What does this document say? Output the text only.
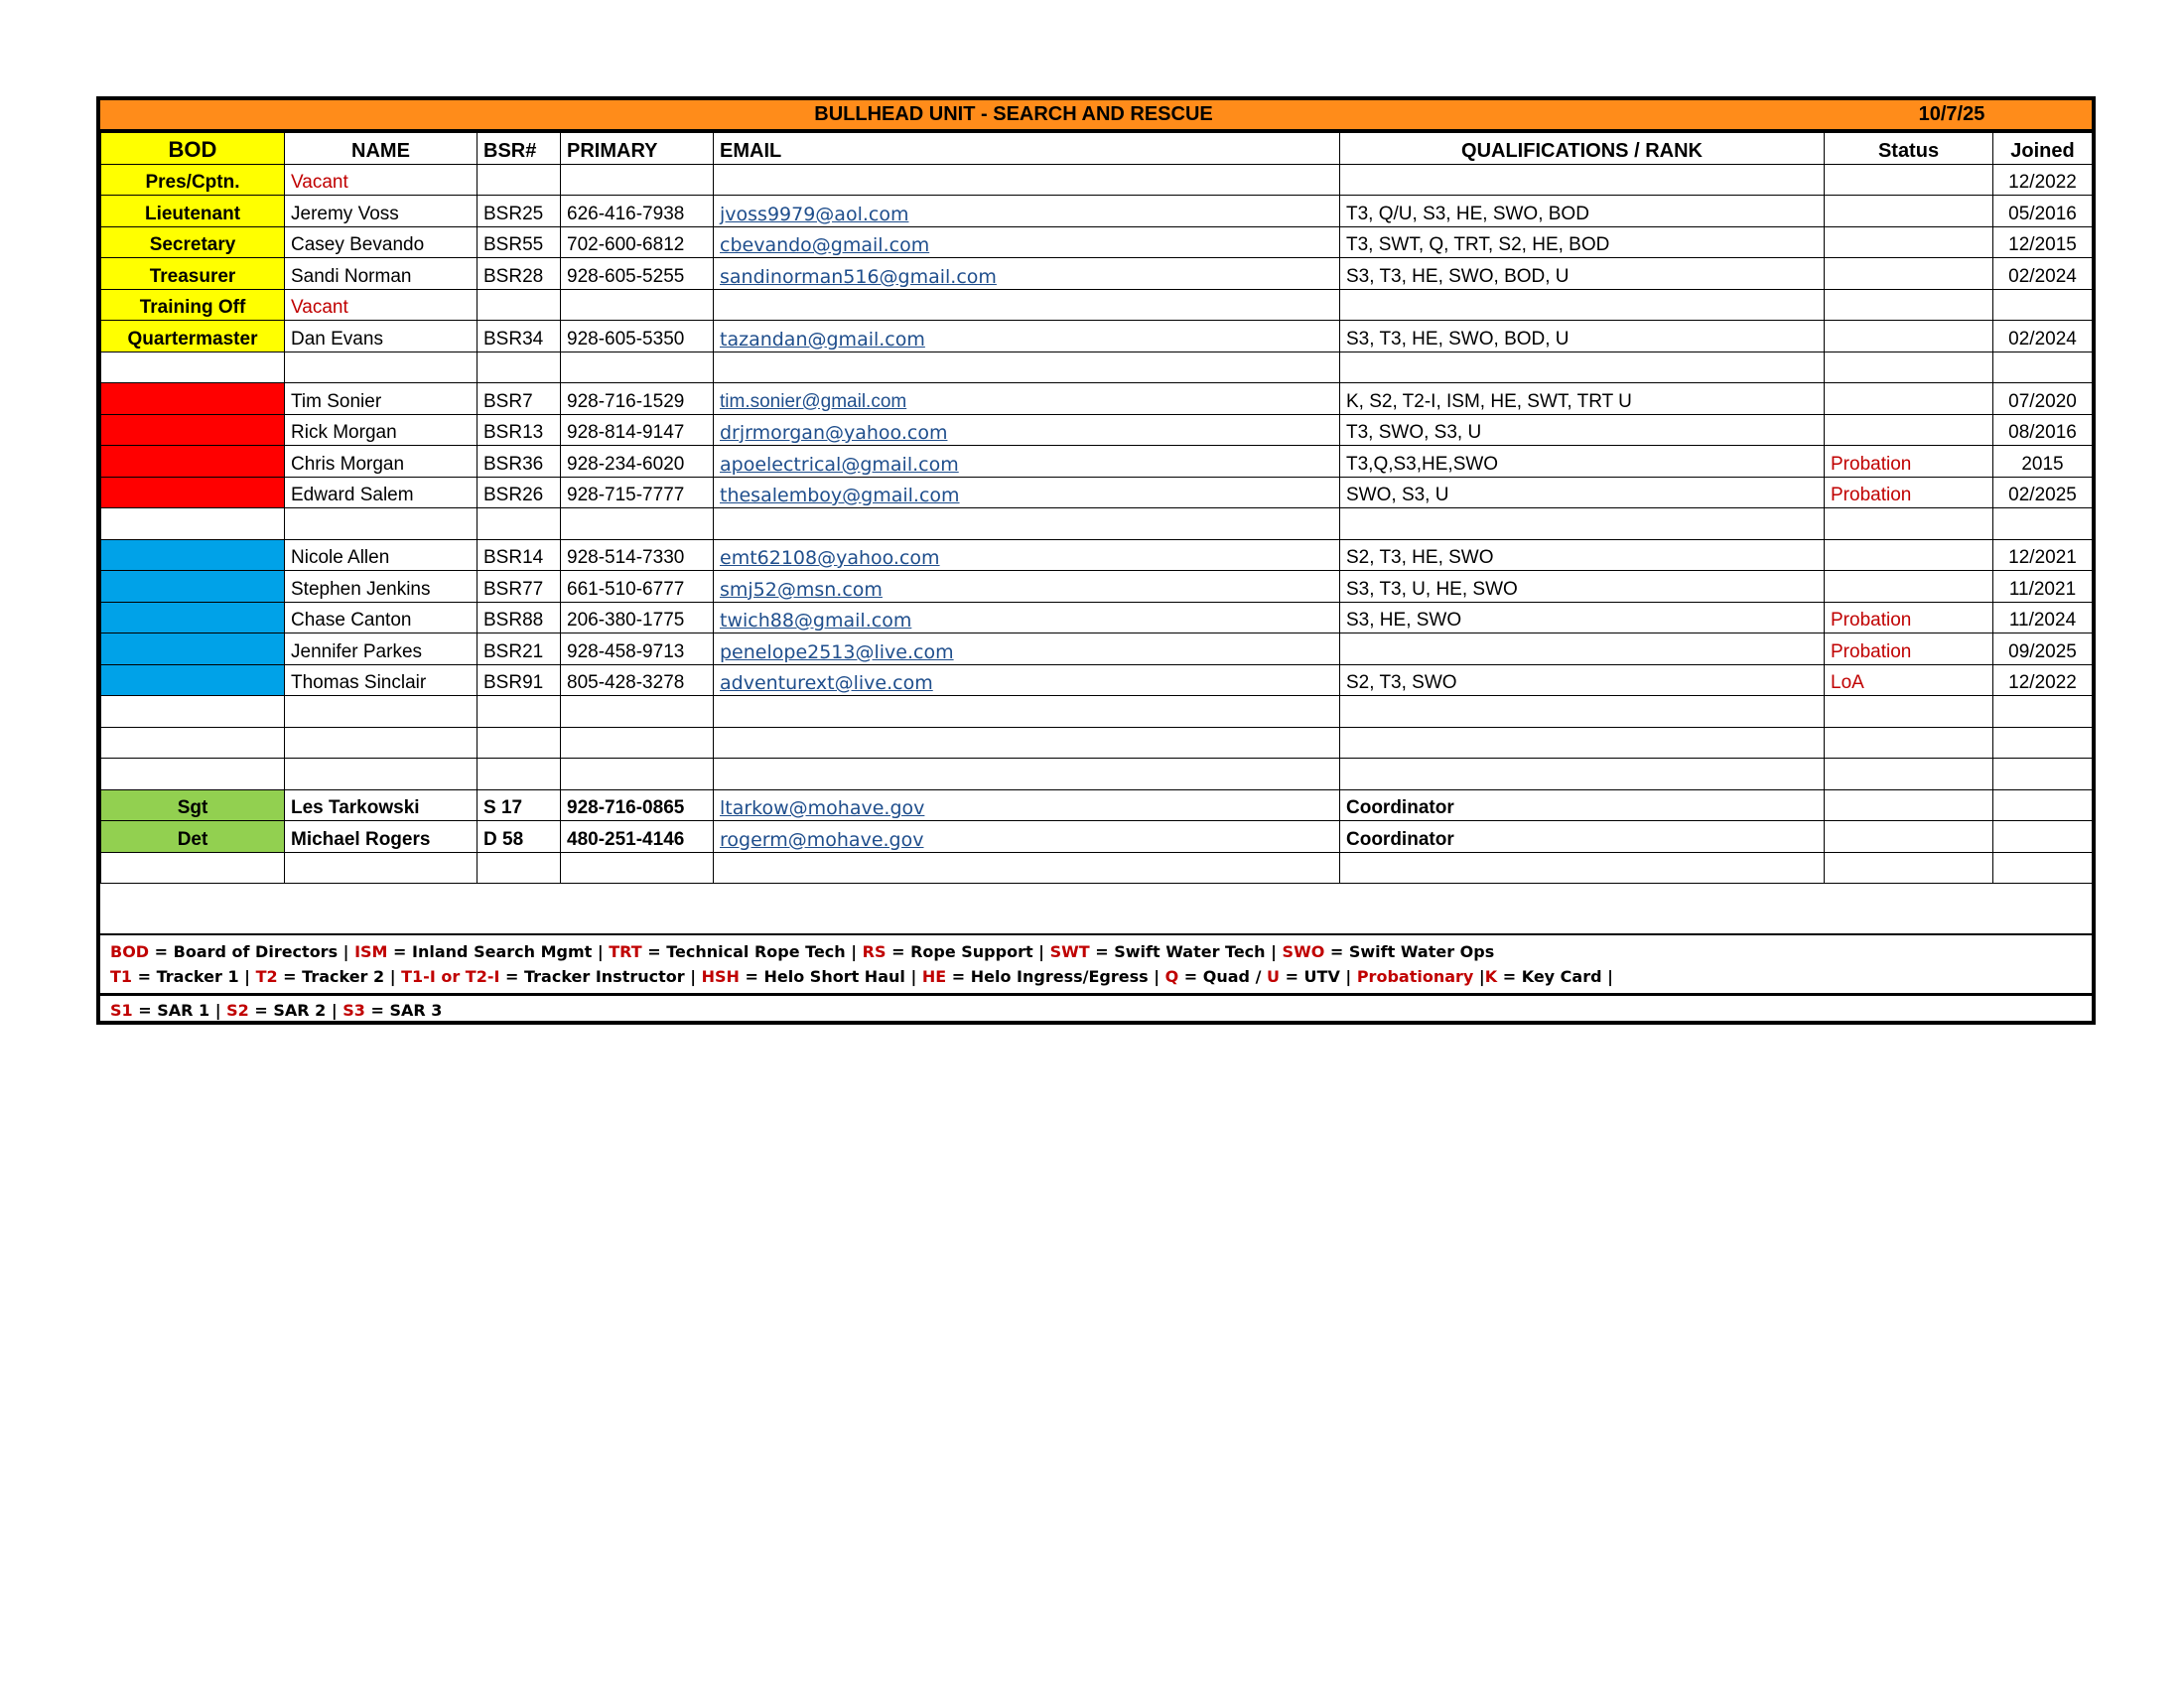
BULLHEAD UNIT - SEARCH AND RESCUE	10/7/25
BOD	NAME	BSR#	PRIMARY	EMAIL	QUALIFICATIONS / RANK	Status	Joined
Pres/Cptn.	Vacant						12/2022
Lieutenant	Jeremy Voss	BSR25	626-416-7938	jvoss9979@aol.com	T3, Q/U, S3, HE, SWO, BOD		05/2016
Secretary	Casey Bevando	BSR55	702-600-6812	cbevando@gmail.com	T3, SWT, Q, TRT, S2, HE, BOD		12/2015
Treasurer	Sandi Norman	BSR28	928-605-5255	sandinorman516@gmail.com	S3, T3, HE, SWO, BOD, U		02/2024
Training Off	Vacant						
Quartermaster	Dan Evans	BSR34	928-605-5350	tazandan@gmail.com	S3, T3, HE, SWO, BOD, U		02/2024

	Tim Sonier	BSR7	928-716-1529	tim.sonier@gmail.com	K, S2, T2-I, ISM, HE, SWT, TRT U		07/2020
	Rick Morgan	BSR13	928-814-9147	drjrmorgan@yahoo.com	T3, SWO, S3, U		08/2016
	Chris Morgan	BSR36	928-234-6020	apoelectrical@gmail.com	T3,Q,S3,HE,SWO	Probation	2015
	Edward Salem	BSR26	928-715-7777	thesalemboy@gmail.com	SWO, S3, U	Probation	02/2025

	Nicole Allen	BSR14	928-514-7330	emt62108@yahoo.com	S2, T3, HE, SWO		12/2021
	Stephen Jenkins	BSR77	661-510-6777	smj52@msn.com	S3, T3, U, HE, SWO		11/2021
	Chase Canton	BSR88	206-380-1775	twich88@gmail.com	S3, HE, SWO	Probation	11/2024
	Jennifer Parkes	BSR21	928-458-9713	penelope2513@live.com		Probation	09/2025
	Thomas Sinclair	BSR91	805-428-3278	adventurext@live.com	S2, T3, SWO	LoA	12/2022

Sgt	Les Tarkowski	S 17	928-716-0865	ltarkow@mohave.gov	Coordinator		
Det	Michael Rogers	D 58	480-251-4146	rogerm@mohave.gov	Coordinator		

BOD = Board of Directors | ISM = Inland Search Mgmt | TRT = Technical Rope Tech | RS = Rope Support | SWT = Swift Water Tech | SWO = Swift Water Ops
T1 = Tracker 1 | T2 = Tracker 2 | T1-I or T2-I = Tracker Instructor | HSH = Helo Short Haul | HE = Helo Ingress/Egress | Q = Quad / U = UTV | Probationary |K = Key Card |
S1 = SAR 1 | S2 = SAR 2 | S3 = SAR 3
